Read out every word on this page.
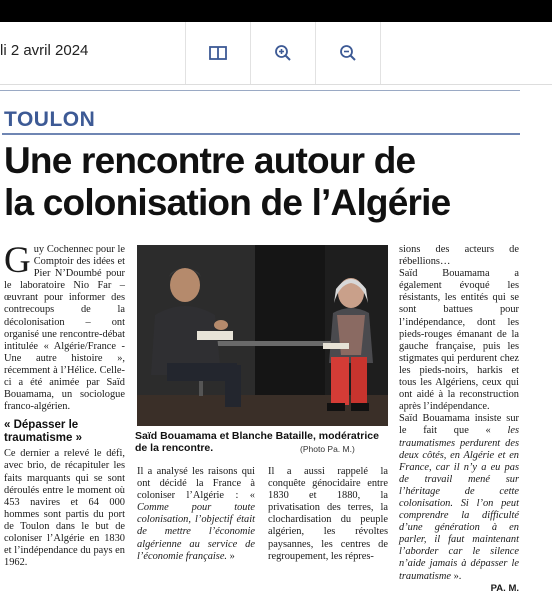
li 2 avril 2024
TOULON
Une rencontre autour de
la colonisation de l’Algérie
Guy Cochennec pour le Comptoir des idées et Pier N’Doumbé pour le laboratoire Nio Far – œuvrant pour informer des contrecoups de la décolonisation – ont organisé une rencontre-débat intitulée « Algérie/France - Une autre histoire », récemment à l’Hélice. Celle-ci a été animée par Saïd Bouamama, un sociologue franco-algérien.
« Dépasser le traumatisme »
Ce dernier a relevé le défi, avec brio, de récapituler les faits marquants qui se sont déroulés entre le moment où 453 navires et 64 000 hommes sont partis du port de Toulon dans le but de coloniser l’Algérie en 1830 et l’indépendance du pays en 1962.
Saïd Bouamama et Blanche Bataille, modératrice de la rencontre.	(Photo Pa. M.)
Il a analysé les raisons qui ont décidé la France à coloniser l’Algérie : « Comme pour toute colonisation, l’objectif était de mettre l’économie algérienne au service de l’économie française. »
Il a aussi rappelé la conquête génocidaire entre 1830 et 1880, la privatisation des terres, la clochardisation du peuple algérien, les révoltes paysannes, les centres de regroupement, les répres-
sions des acteurs de rébellions…
Saïd Bouamama a également évoqué les résistants, les entités qui se sont battues pour l’indépendance, dont les pieds-rouges émanant de la gauche française, puis les stigmates qui perdurent chez les pieds-noirs, harkis et tous les Algériens, ceux qui ont aidé à la reconstruction après l’indépendance.
Saïd Bouamama insiste sur le fait que « les traumatismes perdurent des deux côtés, en Algérie et en France, car il n’y a eu pas de travail mené sur l’héritage de cette colonisation. Si l’on peut comprendre la difficulté d’une génération à en parler, il faut maintenant l’aborder car le silence n’aide jamais à dépasser le traumatisme ».
PA. M.
